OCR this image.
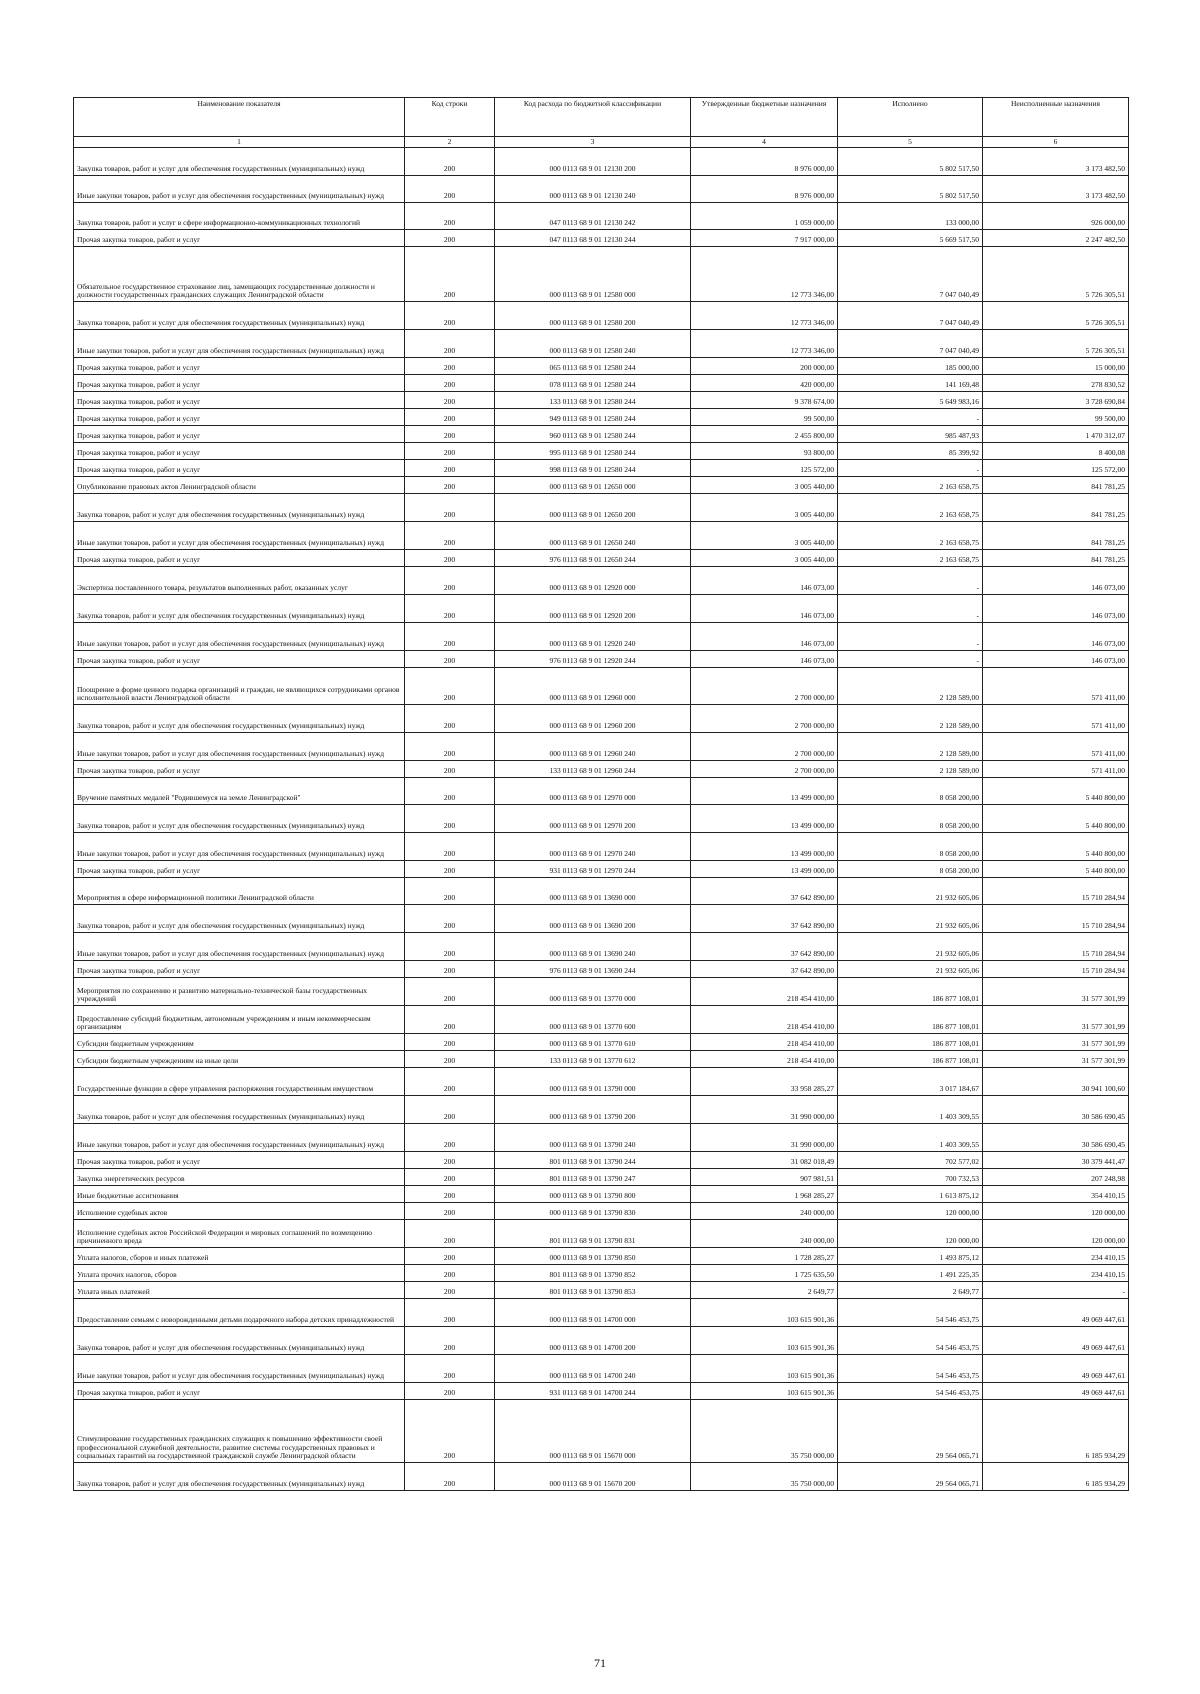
Наименование показателя	Код строки	Код расхода по бюджетной классификации	Утвержденные бюджетные назначения	Исполнено	Неисполненные назначения
1	2	3	4	5	6
Закупка товаров, работ и услуг для обеспечения государственных (муниципальных) нужд	200	000 0113 68 9 01 12130 200	8 976 000,00	5 802 517,50	3 173 482,50
Иные закупки товаров, работ и услуг для обеспечения государственных (муниципальных) нужд	200	000 0113 68 9 01 12130 240	8 976 000,00	5 802 517,50	3 173 482,50
Закупка товаров, работ и услуг в сфере информационно-коммуникационных технологий	200	047 0113 68 9 01 12130 242	1 059 000,00	133 000,00	926 000,00
Прочая закупка товаров, работ и услуг	200	047 0113 68 9 01 12130 244	7 917 000,00	5 669 517,50	2 247 482,50
Обязательное государственное страхование лиц, замещающих государственные должности и должности государственных гражданских служащих Ленинградской области	200	000 0113 68 9 01 12580 000	12 773 346,00	7 047 040,49	5 726 305,51
Закупка товаров, работ и услуг для обеспечения государственных (муниципальных) нужд	200	000 0113 68 9 01 12580 200	12 773 346,00	7 047 040,49	5 726 305,51
Иные закупки товаров, работ и услуг для обеспечения государственных (муниципальных) нужд	200	000 0113 68 9 01 12580 240	12 773 346,00	7 047 040,49	5 726 305,51
Прочая закупка товаров, работ и услуг	200	065 0113 68 9 01 12580 244	200 000,00	185 000,00	15 000,00
Прочая закупка товаров, работ и услуг	200	078 0113 68 9 01 12580 244	420 000,00	141 169,48	278 830,52
Прочая закупка товаров, работ и услуг	200	133 0113 68 9 01 12580 244	9 378 674,00	5 649 983,16	3 728 690,84
Прочая закупка товаров, работ и услуг	200	949 0113 68 9 01 12580 244	99 500,00	-	99 500,00
Прочая закупка товаров, работ и услуг	200	960 0113 68 9 01 12580 244	2 455 800,00	985 487,93	1 470 312,07
Прочая закупка товаров, работ и услуг	200	995 0113 68 9 01 12580 244	93 800,00	85 399,92	8 400,08
Прочая закупка товаров, работ и услуг	200	998 0113 68 9 01 12580 244	125 572,00	-	125 572,00
Опубликование правовых актов Ленинградской области	200	000 0113 68 9 01 12650 000	3 005 440,00	2 163 658,75	841 781,25
Закупка товаров, работ и услуг для обеспечения государственных (муниципальных) нужд	200	000 0113 68 9 01 12650 200	3 005 440,00	2 163 658,75	841 781,25
Иные закупки товаров, работ и услуг для обеспечения государственных (муниципальных) нужд	200	000 0113 68 9 01 12650 240	3 005 440,00	2 163 658,75	841 781,25
Прочая закупка товаров, работ и услуг	200	976 0113 68 9 01 12650 244	3 005 440,00	2 163 658,75	841 781,25
Экспертиза поставленного товара, результатов выполненных работ, оказанных услуг	200	000 0113 68 9 01 12920 000	146 073,00	-	146 073,00
Закупка товаров, работ и услуг для обеспечения государственных (муниципальных) нужд	200	000 0113 68 9 01 12920 200	146 073,00	-	146 073,00
Иные закупки товаров, работ и услуг для обеспечения государственных (муниципальных) нужд	200	000 0113 68 9 01 12920 240	146 073,00	-	146 073,00
Прочая закупка товаров, работ и услуг	200	976 0113 68 9 01 12920 244	146 073,00	-	146 073,00
Поощрение в форме ценного подарка организаций и граждан, не являющихся сотрудниками органов исполнительной власти Ленинградской области	200	000 0113 68 9 01 12960 000	2 700 000,00	2 128 589,00	571 411,00
Закупка товаров, работ и услуг для обеспечения государственных (муниципальных) нужд	200	000 0113 68 9 01 12960 200	2 700 000,00	2 128 589,00	571 411,00
Иные закупки товаров, работ и услуг для обеспечения государственных (муниципальных) нужд	200	000 0113 68 9 01 12960 240	2 700 000,00	2 128 589,00	571 411,00
Прочая закупка товаров, работ и услуг	200	133 0113 68 9 01 12960 244	2 700 000,00	2 128 589,00	571 411,00
Вручение памятных медалей "Родившемуся на земле Ленинградской"	200	000 0113 68 9 01 12970 000	13 499 000,00	8 058 200,00	5 440 800,00
Закупка товаров, работ и услуг для обеспечения государственных (муниципальных) нужд	200	000 0113 68 9 01 12970 200	13 499 000,00	8 058 200,00	5 440 800,00
Иные закупки товаров, работ и услуг для обеспечения государственных (муниципальных) нужд	200	000 0113 68 9 01 12970 240	13 499 000,00	8 058 200,00	5 440 800,00
Прочая закупка товаров, работ и услуг	200	931 0113 68 9 01 12970 244	13 499 000,00	8 058 200,00	5 440 800,00
Мероприятия в сфере информационной политики Ленинградской области	200	000 0113 68 9 01 13690 000	37 642 890,00	21 932 605,06	15 710 284,94
Закупка товаров, работ и услуг для обеспечения государственных (муниципальных) нужд	200	000 0113 68 9 01 13690 200	37 642 890,00	21 932 605,06	15 710 284,94
Иные закупки товаров, работ и услуг для обеспечения государственных (муниципальных) нужд	200	000 0113 68 9 01 13690 240	37 642 890,00	21 932 605,06	15 710 284,94
Прочая закупка товаров, работ и услуг	200	976 0113 68 9 01 13690 244	37 642 890,00	21 932 605,06	15 710 284,94
Мероприятия по сохранению и развитию материально-технической базы государственных учреждений	200	000 0113 68 9 01 13770 000	218 454 410,00	186 877 108,01	31 577 301,99
Предоставление субсидий бюджетным, автономным учреждениям и иным некоммерческим организациям	200	000 0113 68 9 01 13770 600	218 454 410,00	186 877 108,01	31 577 301,99
Субсидии бюджетным учреждениям	200	000 0113 68 9 01 13770 610	218 454 410,00	186 877 108,01	31 577 301,99
Субсидии бюджетным учреждениям на иные цели	200	133 0113 68 9 01 13770 612	218 454 410,00	186 877 108,01	31 577 301,99
Государственные функции в сфере управления распоряжения государственным имуществом	200	000 0113 68 9 01 13790 000	33 958 285,27	3 017 184,67	30 941 100,60
Закупка товаров, работ и услуг для обеспечения государственных (муниципальных) нужд	200	000 0113 68 9 01 13790 200	31 990 000,00	1 403 309,55	30 586 690,45
Иные закупки товаров, работ и услуг для обеспечения государственных (муниципальных) нужд	200	000 0113 68 9 01 13790 240	31 990 000,00	1 403 309,55	30 586 690,45
Прочая закупка товаров, работ и услуг	200	801 0113 68 9 01 13790 244	31 082 018,49	702 577,02	30 379 441,47
Закупка энергетических ресурсов	200	801 0113 68 9 01 13790 247	907 981,51	700 732,53	207 248,98
Иные бюджетные ассигнования	200	000 0113 68 9 01 13790 800	1 968 285,27	1 613 875,12	354 410,15
Исполнение судебных актов	200	000 0113 68 9 01 13790 830	240 000,00	120 000,00	120 000,00
Исполнение судебных актов Российской Федерации и мировых соглашений по возмещению причиненного вреда	200	801 0113 68 9 01 13790 831	240 000,00	120 000,00	120 000,00
Уплата налогов, сборов и иных платежей	200	000 0113 68 9 01 13790 850	1 728 285,27	1 493 875,12	234 410,15
Уплата прочих налогов, сборов	200	801 0113 68 9 01 13790 852	1 725 635,50	1 491 225,35	234 410,15
Уплата иных платежей	200	801 0113 68 9 01 13790 853	2 649,77	2 649,77	-
Предоставление семьям с новорожденными детьми подарочного набора детских принадлежностей	200	000 0113 68 9 01 14700 000	103 615 901,36	54 546 453,75	49 069 447,61
Закупка товаров, работ и услуг для обеспечения государственных (муниципальных) нужд	200	000 0113 68 9 01 14700 200	103 615 901,36	54 546 453,75	49 069 447,61
Иные закупки товаров, работ и услуг для обеспечения государственных (муниципальных) нужд	200	000 0113 68 9 01 14700 240	103 615 901,36	54 546 453,75	49 069 447,61
Прочая закупка товаров, работ и услуг	200	931 0113 68 9 01 14700 244	103 615 901,36	54 546 453,75	49 069 447,61
Стимулирование государственных гражданских служащих к повышению эффективности своей профессиональной служебной деятельности, развитие системы государственных правовых и социальных гарантий на государственной гражданской службе Ленинградской области	200	000 0113 68 9 01 15670 000	35 750 000,00	29 564 065,71	6 185 934,29
Закупка товаров, работ и услуг для обеспечения государственных (муниципальных) нужд	200	000 0113 68 9 01 15670 200	35 750 000,00	29 564 065,71	6 185 934,29
71
